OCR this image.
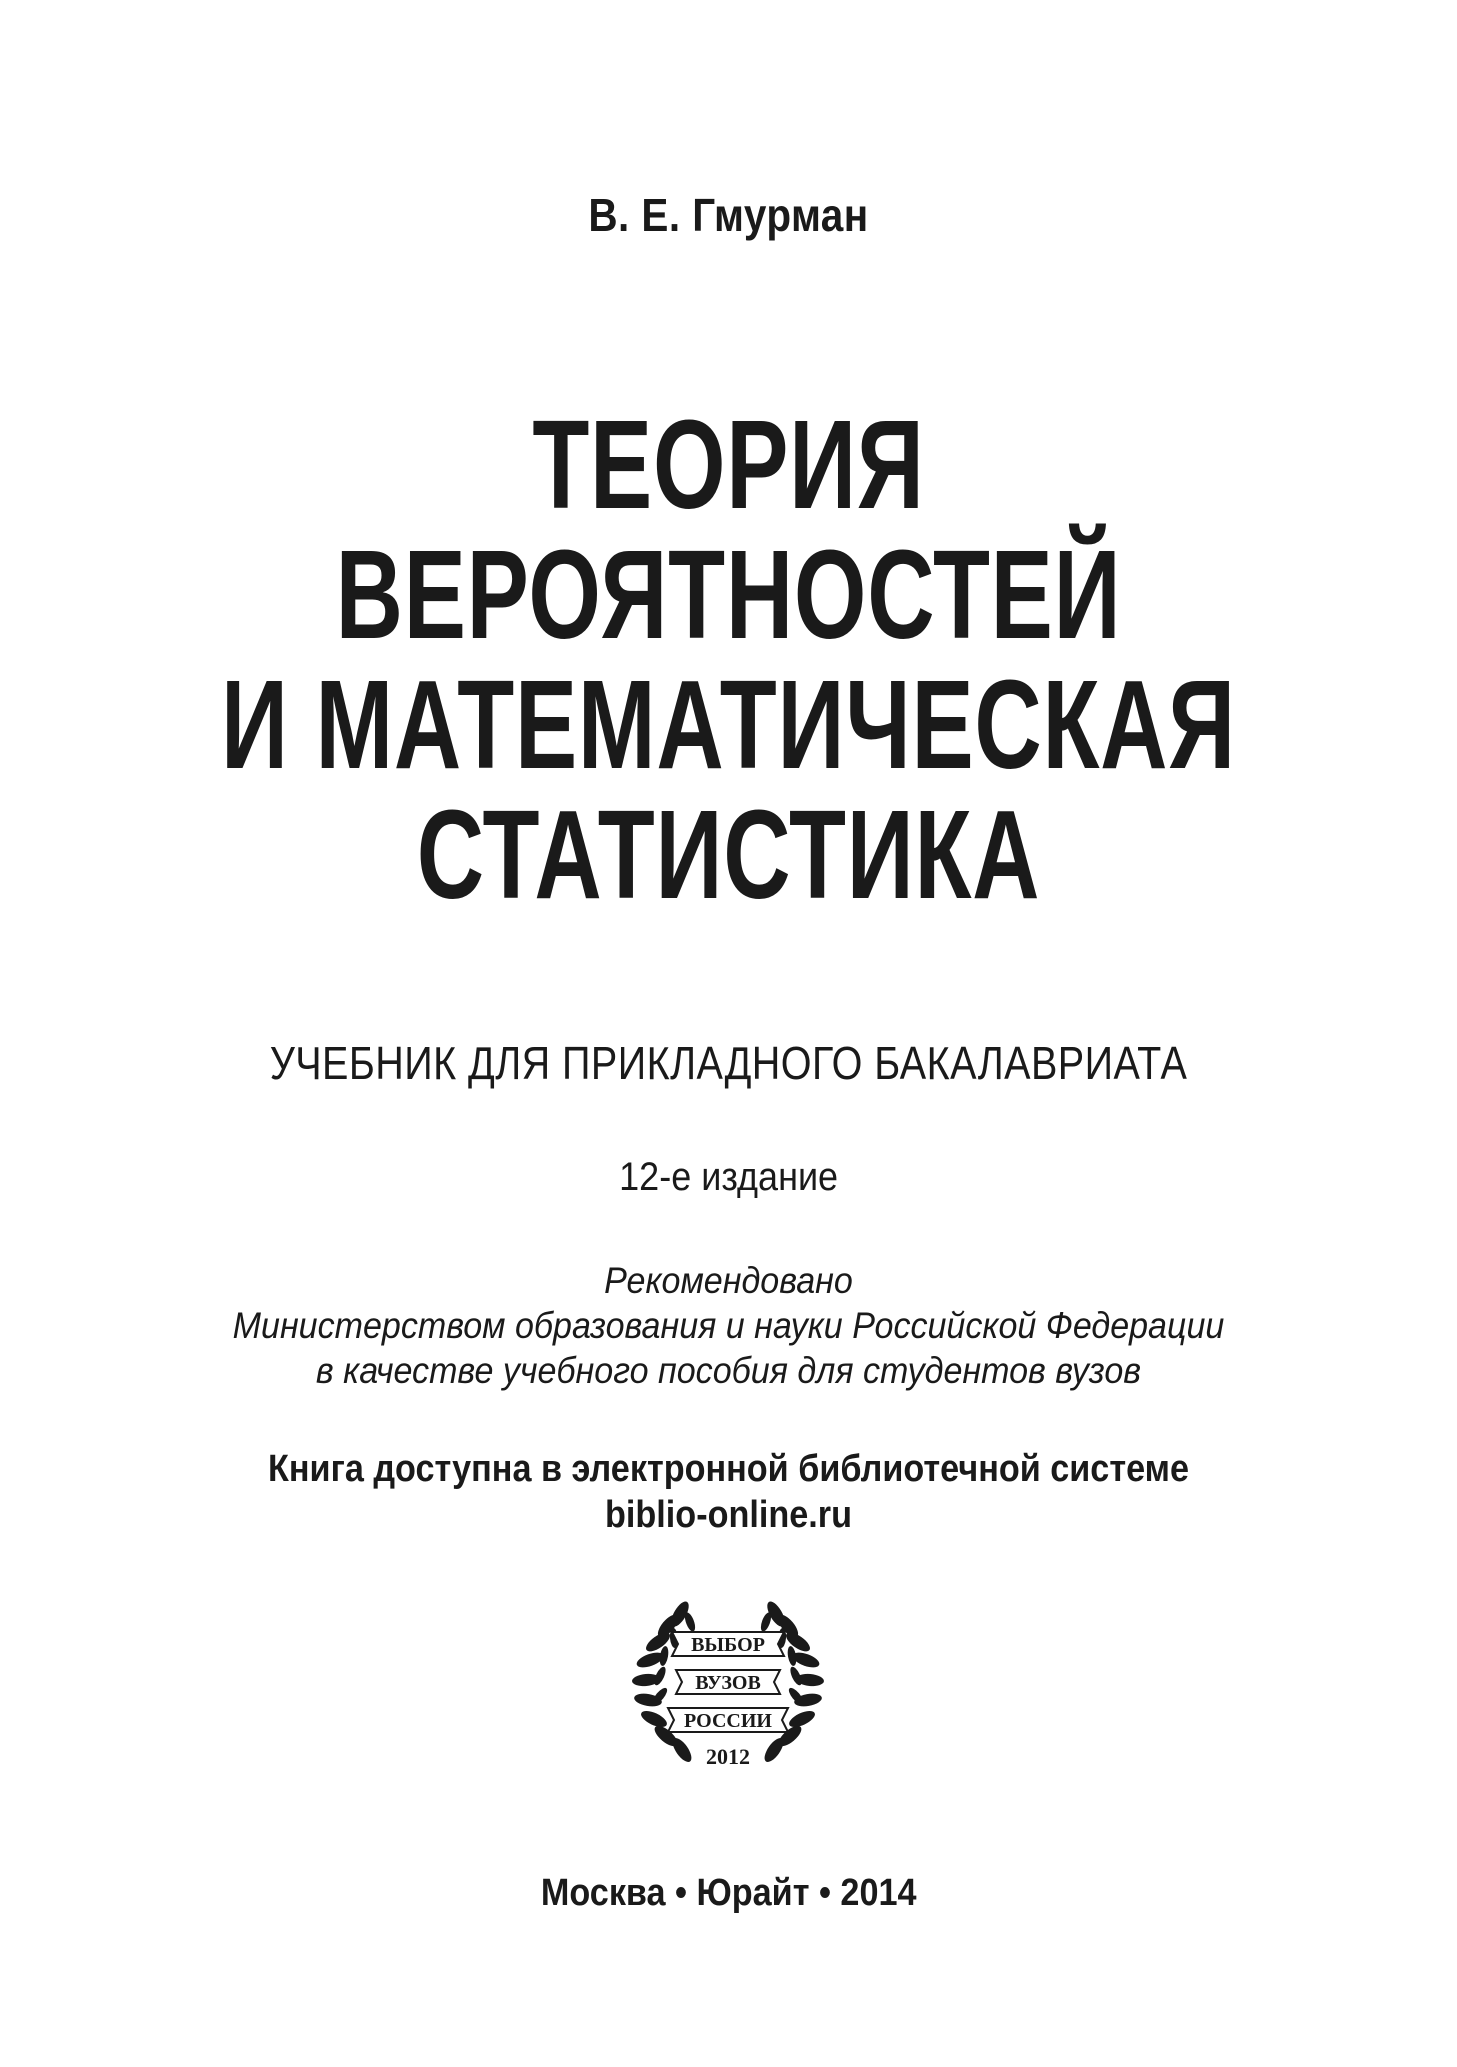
В. Е. Гмурман
ТЕОРИЯ
ВЕРОЯТНОСТЕЙ
И МАТЕМАТИЧЕСКАЯ
СТАТИСТИКА
УЧЕБНИК ДЛЯ ПРИКЛАДНОГО БАКАЛАВРИАТА
12-е издание
Рекомендовано
Министерством образования и науки Российской Федерации
в качестве учебного пособия для студентов вузов
Книга доступна в электронной библиотечной системе
biblio-online.ru
ВЫБОР
ВУЗОВ
РОССИИ
2012
Москва • Юрайт • 2014
